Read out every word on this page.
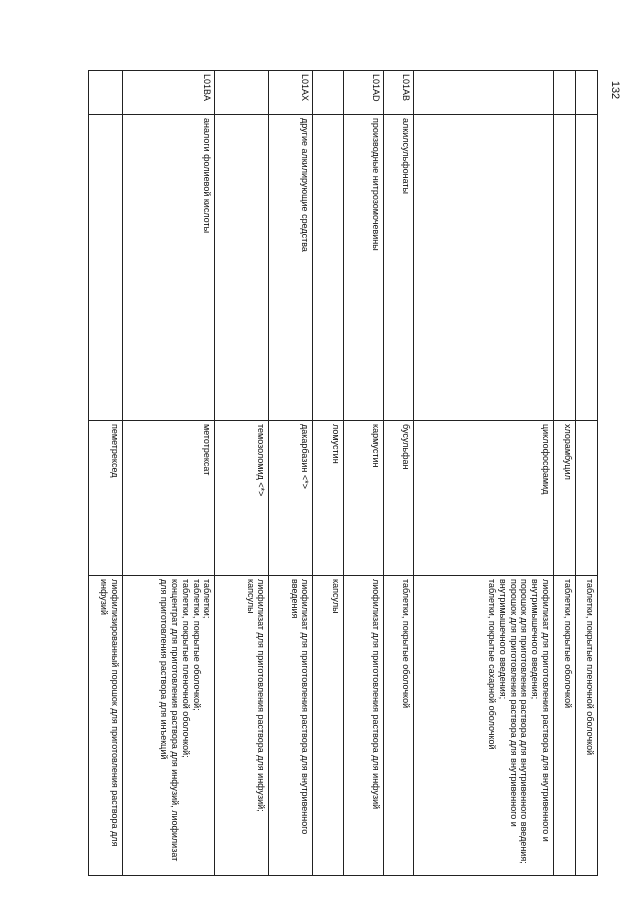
132
			таблетки, покрытые пленочной оболочкой
		хлорамбуцил	таблетки, покрытые оболочкой
		циклофосфамид	лиофилизат для приготовления раствора для внутривенного и внутримышечного введения;
порошок для приготовления раствора для внутривенного введения;
порошок для приготовления раствора для внутривенного и внутримышечного введения;
таблетки, покрытые сахарной оболочкой
L01AB	алкилсульфонаты	бусульфан	таблетки, покрытые оболочкой
L01AD	производные нитрозомочевины	кармустин	лиофилизат для приготовления раствора для инфузий
		ломустин	капсулы
L01AX	другие алкилирующие средства	дакарбазин <*>	лиофилизат для приготовления раствора для внутривенного введения
		темозоломид <*>	лиофилизат для приготовления раствора для инфузий;
капсулы
L01BA	аналоги фолиевой кислоты	метотрексат	таблетки;
таблетки, покрытые оболочкой;
таблетки, покрытые пленочной оболочкой;
концентрат для приготовления раствора для инфузий, лиофилизат для приготовления раствора для инъекций
		пеметрексед	лиофилизированный порошок для приготовления раствора для инфузий
